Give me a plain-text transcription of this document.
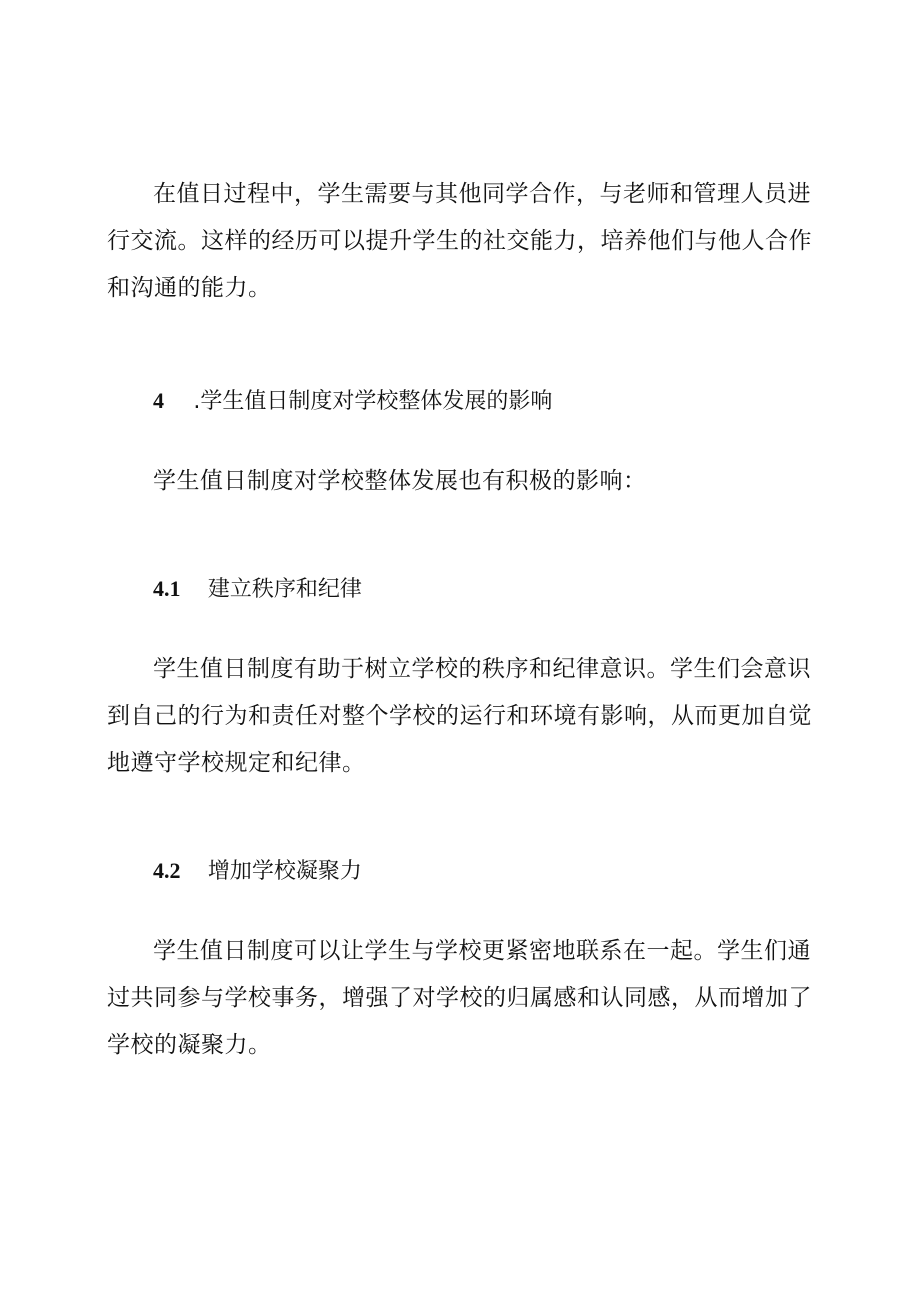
在值日过程中，学生需要与其他同学合作，与老师和管理人员进
行交流。这样的经历可以提升学生的社交能力，培养他们与他人合作
和沟通的能力。

4 .学生值日制度对学校整体发展的影响

学生值日制度对学校整体发展也有积极的影响：

4.1 建立秩序和纪律

学生值日制度有助于树立学校的秩序和纪律意识。学生们会意识
到自己的行为和责任对整个学校的运行和环境有影响，从而更加自觉
地遵守学校规定和纪律。

4.2 增加学校凝聚力

学生值日制度可以让学生与学校更紧密地联系在一起。学生们通
过共同参与学校事务，增强了对学校的归属感和认同感，从而增加了
学校的凝聚力。
